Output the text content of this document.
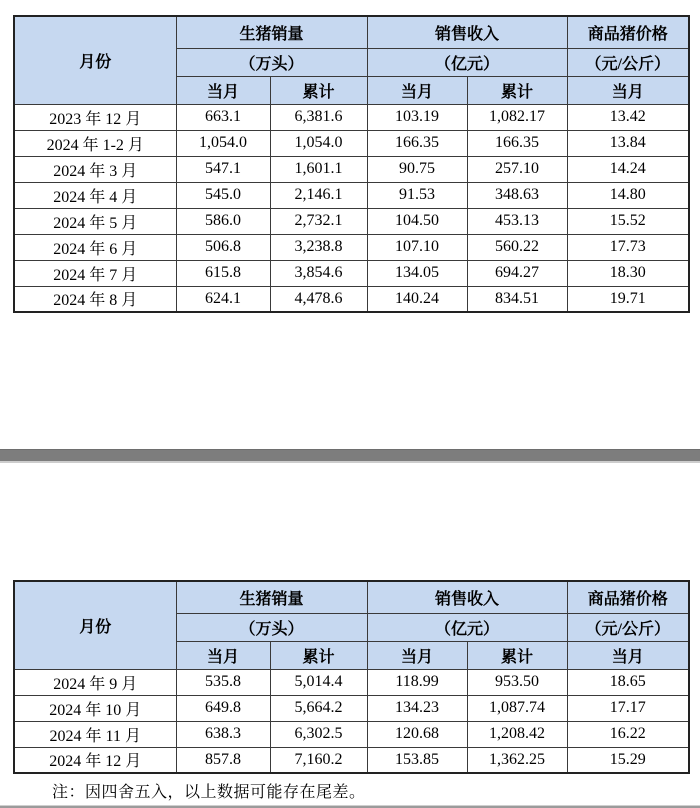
月份	生猪销量		销售收入		商品猪价格
	（万头）		（亿元）		（元/公斤）
	当月	累计	当月	累计	当月
2023 年 12 月	663.1	6,381.6	103.19	1,082.17	13.42
2024 年 1-2 月	1,054.0	1,054.0	166.35	166.35	13.84
2024 年 3 月	547.1	1,601.1	90.75	257.10	14.24
2024 年 4 月	545.0	2,146.1	91.53	348.63	14.80
2024 年 5 月	586.0	2,732.1	104.50	453.13	15.52
2024 年 6 月	506.8	3,238.8	107.10	560.22	17.73
2024 年 7 月	615.8	3,854.6	134.05	694.27	18.30
2024 年 8 月	624.1	4,478.6	140.24	834.51	19.71
月份	生猪销量		销售收入		商品猪价格
	（万头）		（亿元）		（元/公斤）
	当月	累计	当月	累计	当月
2024 年 9 月	535.8	5,014.4	118.99	953.50	18.65
2024 年 10 月	649.8	5,664.2	134.23	1,087.74	17.17
2024 年 11 月	638.3	6,302.5	120.68	1,208.42	16.22
2024 年 12 月	857.8	7,160.2	153.85	1,362.25	15.29
注：因四舍五入，以上数据可能存在尾差。
